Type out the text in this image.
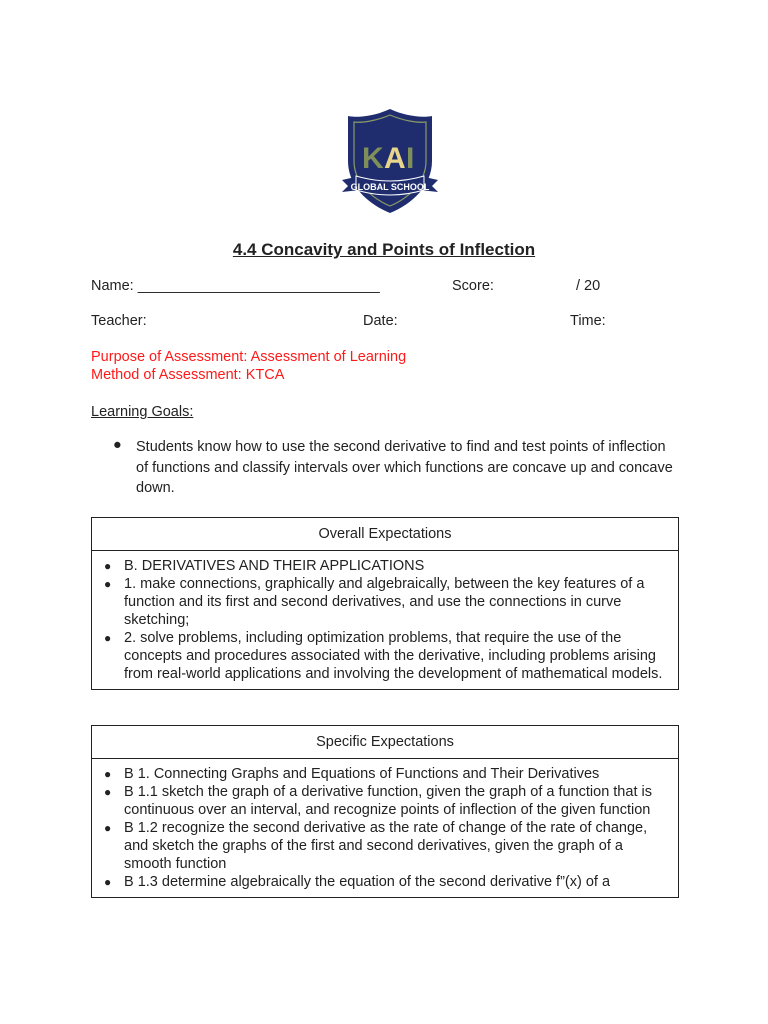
K A I
GLOBAL SCHOOL
4.4 Concavity and Points of Inflection
Name: ______________________________	Score:	/ 20
Teacher:	Date:	Time:
Purpose of Assessment: Assessment of Learning
Method of Assessment: KTCA
Learning Goals:
● Students know how to use the second derivative to find and test points of inflection of functions and classify intervals over which functions are concave up and concave down.
Overall Expectations
● B. DERIVATIVES AND THEIR APPLICATIONS
● 1. make connections, graphically and algebraically, between the key features of a function and its first and second derivatives, and use the connections in curve sketching;
● 2. solve problems, including optimization problems, that require the use of the concepts and procedures associated with the derivative, including problems arising from real-world applications and involving the development of mathematical models.
Specific Expectations
● B 1. Connecting Graphs and Equations of Functions and Their Derivatives
● B 1.1 sketch the graph of a derivative function, given the graph of a function that is continuous over an interval, and recognize points of inflection of the given function
● B 1.2 recognize the second derivative as the rate of change of the rate of change, and sketch the graphs of the first and second derivatives, given the graph of a smooth function
● B 1.3 determine algebraically the equation of the second derivative f”(x) of a
